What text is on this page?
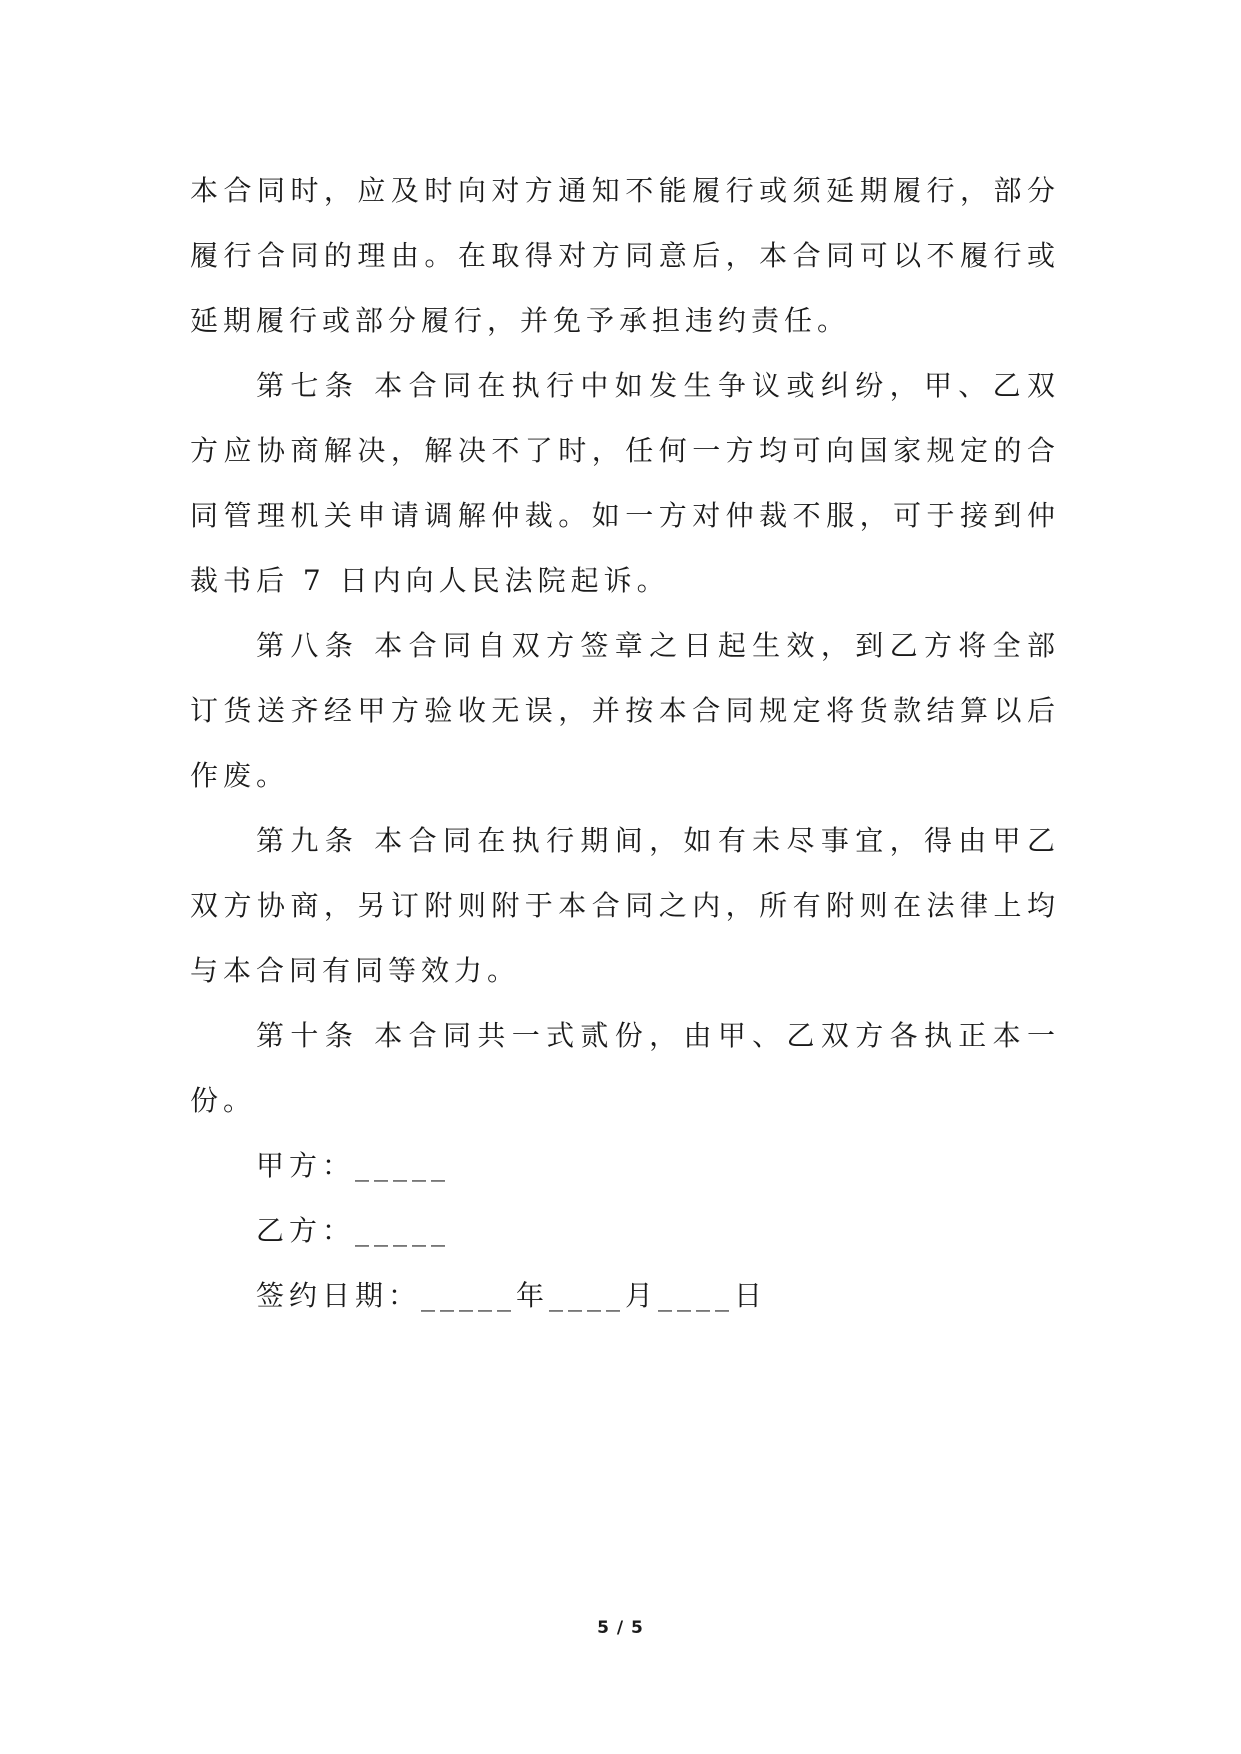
本合同时，应及时向对方通知不能履行或须延期履行，部分履行合同的理由。在取得对方同意后，本合同可以不履行或延期履行或部分履行，并免予承担违约责任。

第七条 本合同在执行中如发生争议或纠纷，甲、乙双方应协商解决，解决不了时，任何一方均可向国家规定的合同管理机关申请调解仲裁。如一方对仲裁不服，可于接到仲裁书后 7 日内向人民法院起诉。

第八条 本合同自双方签章之日起生效，到乙方将全部订货送齐经甲方验收无误，并按本合同规定将货款结算以后作废。

第九条 本合同在执行期间，如有未尽事宜，得由甲乙双方协商，另订附则附于本合同之内，所有附则在法律上均与本合同有同等效力。

第十条 本合同共一式贰份，由甲、乙双方各执正本一份。

甲方：_____

乙方：_____

签约日期：_____年____月____日

5 / 5
